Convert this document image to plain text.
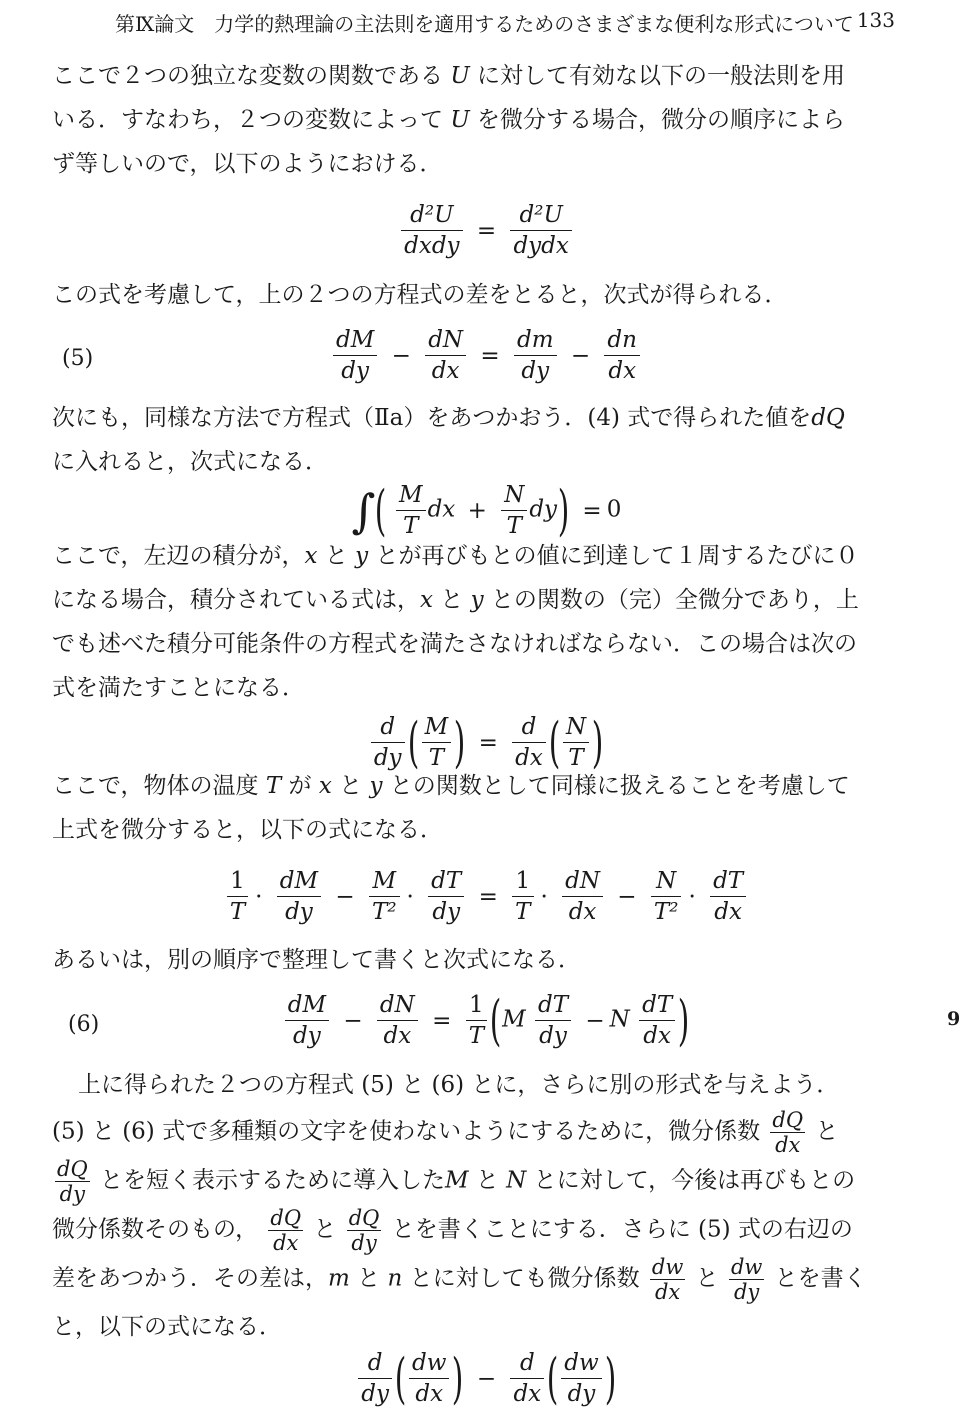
第Ⅸ論文　力学的熱理論の主法則を適用するためのさまざまな便利な形式について 133
ここで２つの独立な変数の関数である U に対して有効な以下の一般法則を用
いる．すなわち，２つの変数によって U を微分する場合，微分の順序によら
ず等しいので，以下のようにおける．
d²U
dxdy
=
d²U
dydx
この式を考慮して，上の２つの方程式の差をとると，次式が得られる．
(5)	$\frac{dM}{dy} - \frac{dN}{dx} = \frac{dm}{dy} - \frac{dn}{dx}$
次にも，同様な方法で方程式（Ⅱa）をあつかおう．(4) 式で得られた値をdQ
に入れると，次式になる．
∫( $\frac{M}{T}$ dx + $\frac{N}{T} dy) = 0$
ここで，左辺の積分が，x と y とが再びもとの値に到達して１周するたびに０
になる場合，積分されている式は，x と y との関数の（完）全微分であり，上
でも述べた積分可能条件の方程式を満たさなければならない．この場合は次の
式を満たすことになる．
$\frac{d}{dy}$ ( $\frac{M}{T}$ ) = $\frac{d}{dx}$ ( $\frac{N}{T}$ )
ここで，物体の温度 T が x と y との関数として同様に扱えることを考慮して
上式を微分すると，以下の式になる．
$\frac{1}{T} \cdot \frac{dM}{dy} - \frac{M}{\text{T²}} \cdot \frac{dT}{dy} = \frac{1}{T} \cdot \frac{dN}{dx} - \frac{N}{\text{T²}} \cdot \frac{dT}{dx}$
あるいは，別の順序で整理して書くと次式になる．
(6)	$\frac{dM}{dy} - \frac{dN}{dx} = \frac{1}{T} (M \frac{dT}{dy} - N \frac{dT}{dx}$ )	9
上に得られた２つの方程式 (5) と (6) とに，さらに別の形式を与えよう．
(5) と (6) 式で多種類の文字を使わないようにするために，微分係数 $\frac{dQ}{dx}$ と
$\frac{dQ}{dy}$ とを短く表示するために導入したM と N とに対して，今後は再びもとの
微分係数そのもの， $\frac{dQ}{dx}$ と $\frac{dQ}{dy}$ とを書くことにする．さらに (5) 式の右辺の
差をあつかう．その差は，m と n とに対しても微分係数 $\frac{dw}{dx}$ と $\frac{dw}{dy}$ とを書く
と，以下の式になる．
$\frac{d}{dy}$ ( $\frac{dw}{dx}$ ) − $\frac{d}{dx}$ ( $\frac{dw}{dy}$ )
